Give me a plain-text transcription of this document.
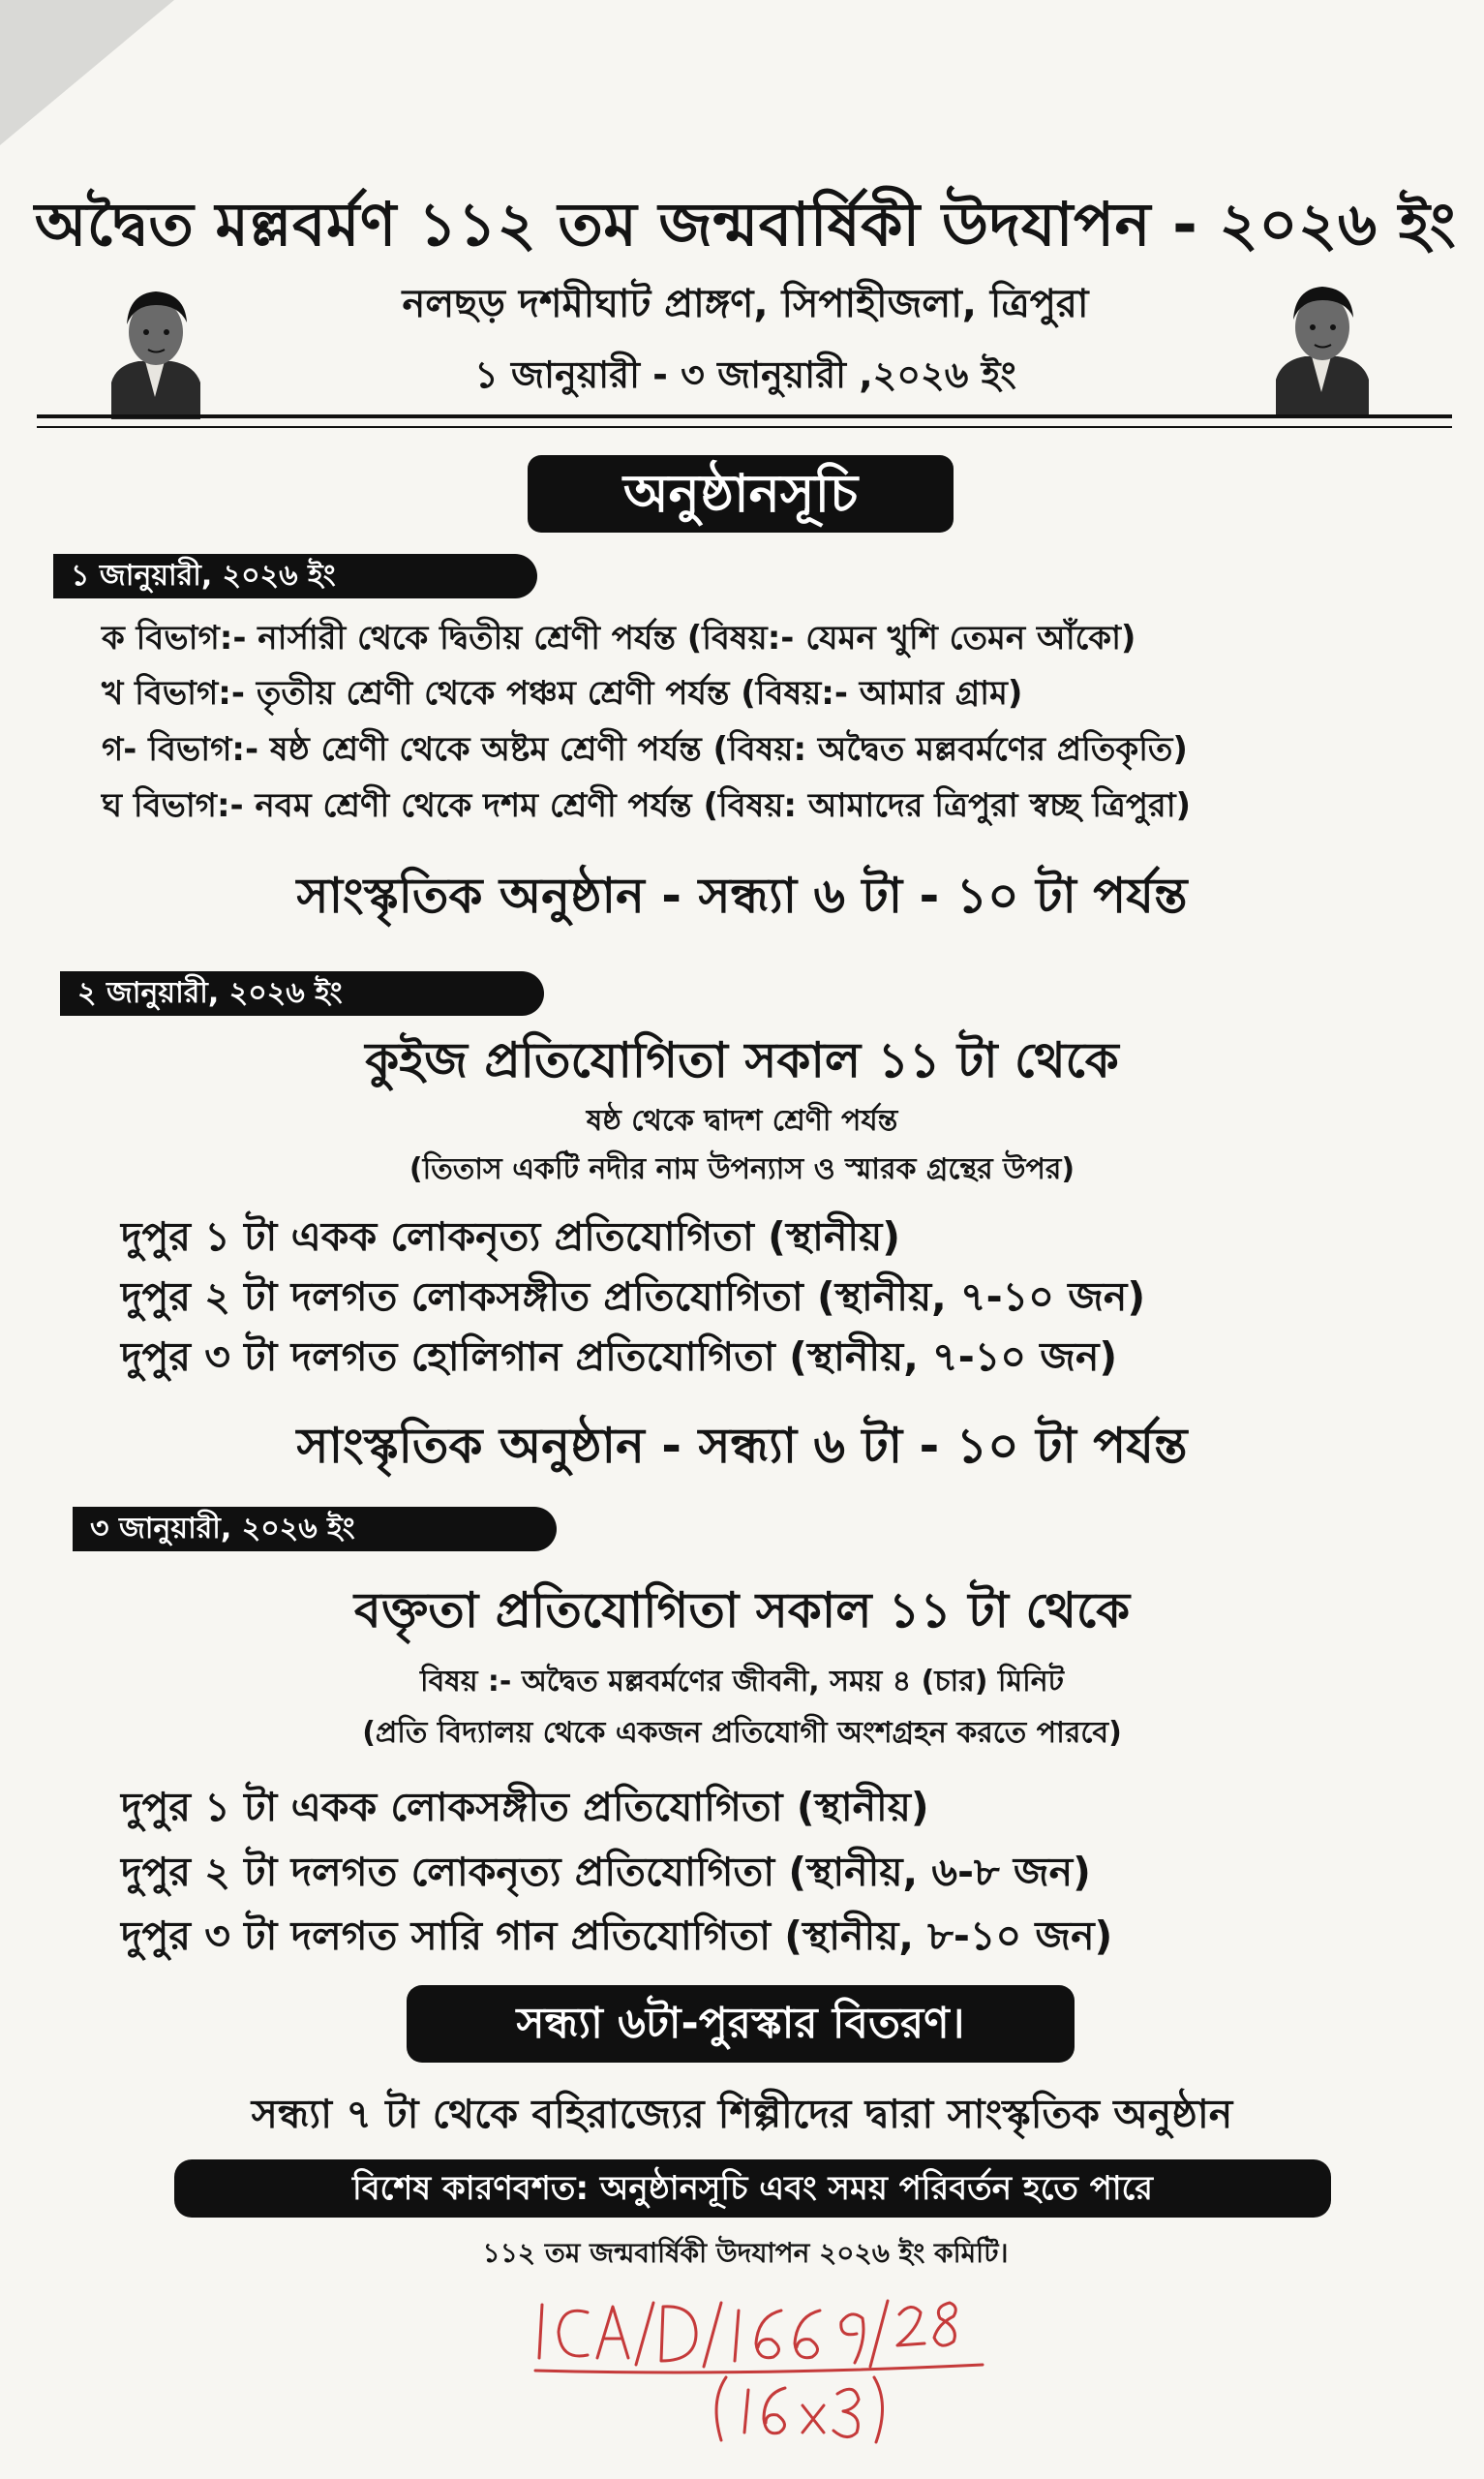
অদ্বৈত মল্লবর্মণ ১১২ তম জন্মবার্ষিকী উদযাপন - ২০২৬ ইং
নলছড় দশমীঘাট প্রাঙ্গণ, সিপাহীজলা, ত্রিপুরা
১ জানুয়ারী - ৩ জানুয়ারী ,২০২৬ ইং
অনুষ্ঠানসূচি
১ জানুয়ারী, ২০২৬ ইং
ক বিভাগ:- নার্সারী থেকে দ্বিতীয় শ্রেণী পর্যন্ত (বিষয়:- যেমন খুশি তেমন আঁকো)
খ বিভাগ:- তৃতীয় শ্রেণী থেকে পঞ্চম শ্রেণী পর্যন্ত (বিষয়:- আমার গ্রাম)
গ- বিভাগ:- ষষ্ঠ শ্রেণী থেকে অষ্টম শ্রেণী পর্যন্ত (বিষয়: অদ্বৈত মল্লবর্মণের প্রতিকৃতি)
ঘ বিভাগ:- নবম শ্রেণী থেকে দশম শ্রেণী পর্যন্ত (বিষয়: আমাদের ত্রিপুরা স্বচ্ছ ত্রিপুরা)
সাংস্কৃতিক অনুষ্ঠান - সন্ধ্যা ৬ টা - ১০ টা পর্যন্ত
২ জানুয়ারী, ২০২৬ ইং
কুইজ প্রতিযোগিতা সকাল ১১ টা থেকে
ষষ্ঠ থেকে দ্বাদশ শ্রেণী পর্যন্ত
(তিতাস একটি নদীর নাম উপন্যাস ও স্মারক গ্রন্থের উপর)
দুপুর ১ টা একক লোকনৃত্য প্রতিযোগিতা (স্থানীয়)
দুপুর ২ টা দলগত লোকসঙ্গীত প্রতিযোগিতা (স্থানীয়, ৭-১০ জন)
দুপুর ৩ টা দলগত হোলিগান প্রতিযোগিতা (স্থানীয়, ৭-১০ জন)
সাংস্কৃতিক অনুষ্ঠান - সন্ধ্যা ৬ টা - ১০ টা পর্যন্ত
৩ জানুয়ারী, ২০২৬ ইং
বক্তৃতা প্রতিযোগিতা সকাল ১১ টা থেকে
বিষয় :- অদ্বৈত মল্লবর্মণের জীবনী, সময় ৪ (চার) মিনিট
(প্রতি বিদ্যালয় থেকে একজন প্রতিযোগী অংশগ্রহন করতে পারবে)
দুপুর ১ টা একক লোকসঙ্গীত প্রতিযোগিতা (স্থানীয়)
দুপুর ২ টা দলগত লোকনৃত্য প্রতিযোগিতা (স্থানীয়, ৬-৮ জন)
দুপুর ৩ টা দলগত সারি গান প্রতিযোগিতা (স্থানীয়, ৮-১০ জন)
সন্ধ্যা ৬টা-পুরস্কার বিতরণ।
সন্ধ্যা ৭ টা থেকে বহিরাজ্যের শিল্পীদের দ্বারা সাংস্কৃতিক অনুষ্ঠান
বিশেষ কারণবশত: অনুষ্ঠানসূচি এবং সময় পরিবর্তন হতে পারে
১১২ তম জন্মবার্ষিকী উদযাপন ২০২৬ ইং কমিটি।
